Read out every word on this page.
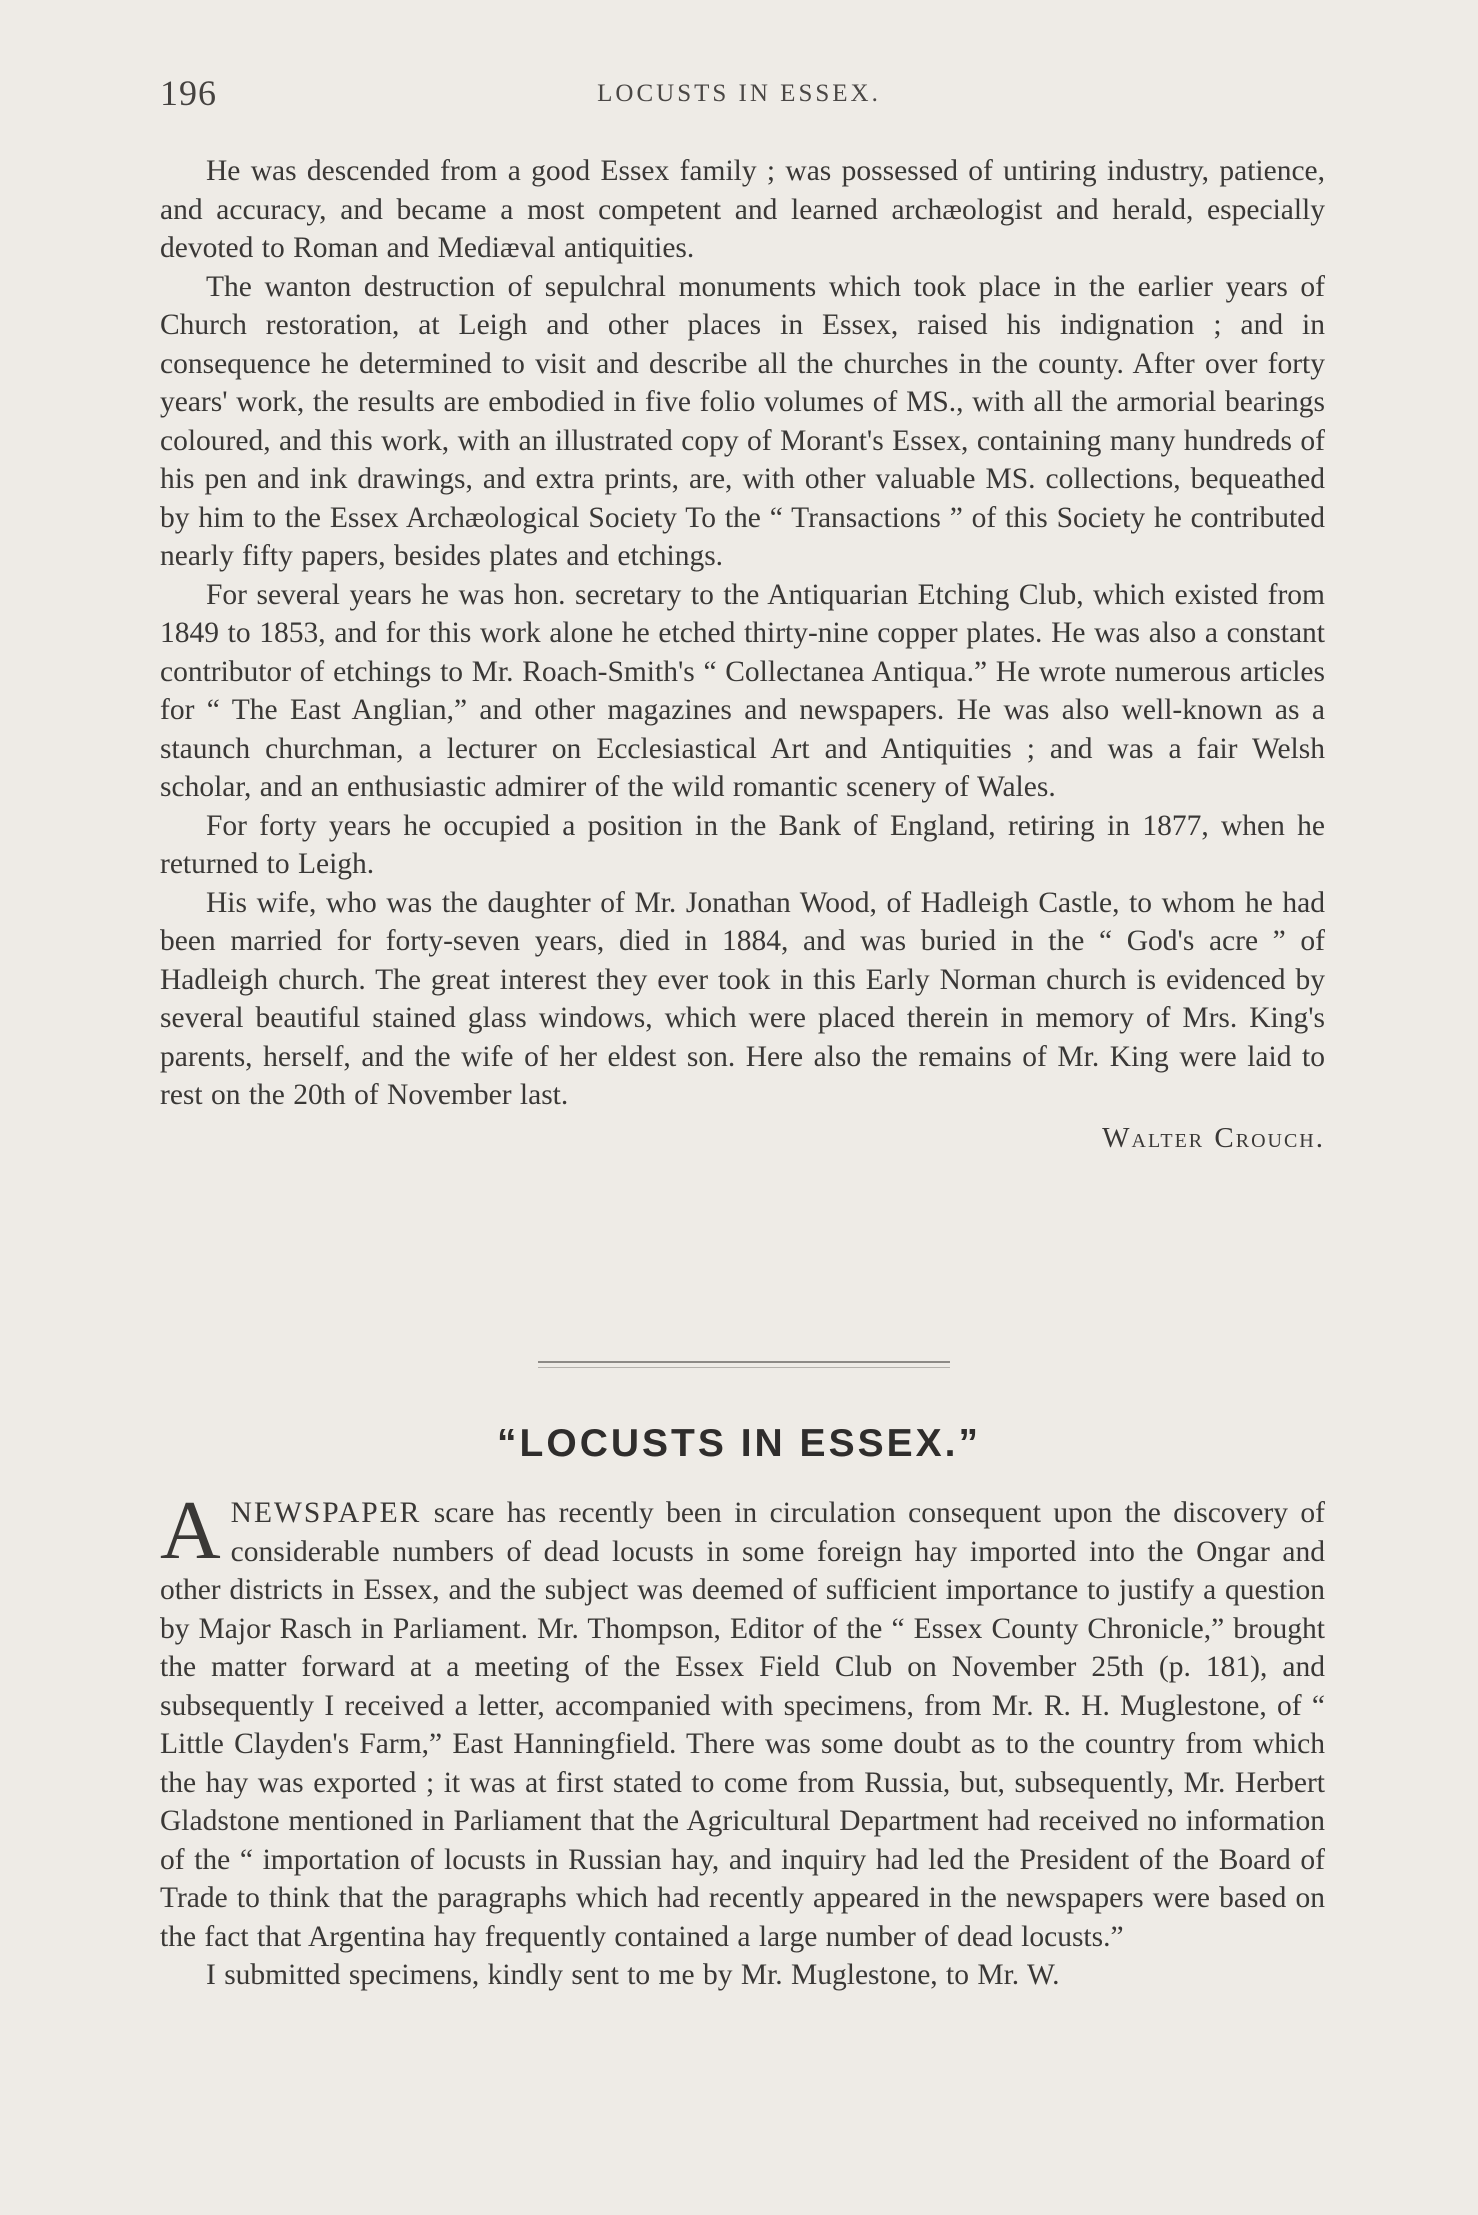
196	LOCUSTS IN ESSEX.

He was descended from a good Essex family ; was possessed of untiring industry, patience, and accuracy, and became a most competent and learned archæologist and herald, especially devoted to Roman and Mediæval antiquities.

The wanton destruction of sepulchral monuments which took place in the earlier years of Church restoration, at Leigh and other places in Essex, raised his indignation ; and in consequence he determined to visit and describe all the churches in the county. After over forty years' work, the results are embodied in five folio volumes of MS., with all the armorial bearings coloured, and this work, with an illustrated copy of Morant's Essex, containing many hundreds of his pen and ink drawings, and extra prints, are, with other valuable MS. collections, bequeathed by him to the Essex Archæological Society To the “ Transactions ” of this Society he contributed nearly fifty papers, besides plates and etchings.

For several years he was hon. secretary to the Antiquarian Etching Club, which existed from 1849 to 1853, and for this work alone he etched thirty-nine copper plates. He was also a constant contributor of etchings to Mr. Roach-Smith's “ Collectanea Antiqua.” He wrote numerous articles for “ The East Anglian,” and other magazines and newspapers. He was also well-known as a staunch churchman, a lecturer on Ecclesiastical Art and Antiquities ; and was a fair Welsh scholar, and an enthusiastic admirer of the wild romantic scenery of Wales.

For forty years he occupied a position in the Bank of England, retiring in 1877, when he returned to Leigh.

His wife, who was the daughter of Mr. Jonathan Wood, of Hadleigh Castle, to whom he had been married for forty-seven years, died in 1884, and was buried in the “ God's acre ” of Hadleigh church. The great interest they ever took in this Early Norman church is evidenced by several beautiful stained glass windows, which were placed therein in memory of Mrs. King's parents, herself, and the wife of her eldest son. Here also the remains of Mr. King were laid to rest on the 20th of November last.

Walter Crouch.
“LOCUSTS IN ESSEX.”

ANEWSPAPER scare has recently been in circulation consequent upon the discovery of considerable numbers of dead locusts in some foreign hay imported into the Ongar and other districts in Essex, and the subject was deemed of sufficient importance to justify a question by Major Rasch in Parliament. Mr. Thompson, Editor of the “ Essex County Chronicle,” brought the matter forward at a meeting of the Essex Field Club on November 25th (p. 181), and subsequently I received a letter, accompanied with specimens, from Mr. R. H. Muglestone, of “ Little Clayden's Farm,” East Hanningfield. There was some doubt as to the country from which the hay was exported ; it was at first stated to come from Russia, but, subsequently, Mr. Herbert Gladstone mentioned in Parliament that the Agricultural Department had received no information of the “ importation of locusts in Russian hay, and inquiry had led the President of the Board of Trade to think that the paragraphs which had recently appeared in the newspapers were based on the fact that Argentina hay frequently contained a large number of dead locusts.”

I submitted specimens, kindly sent to me by Mr. Muglestone, to Mr. W.
